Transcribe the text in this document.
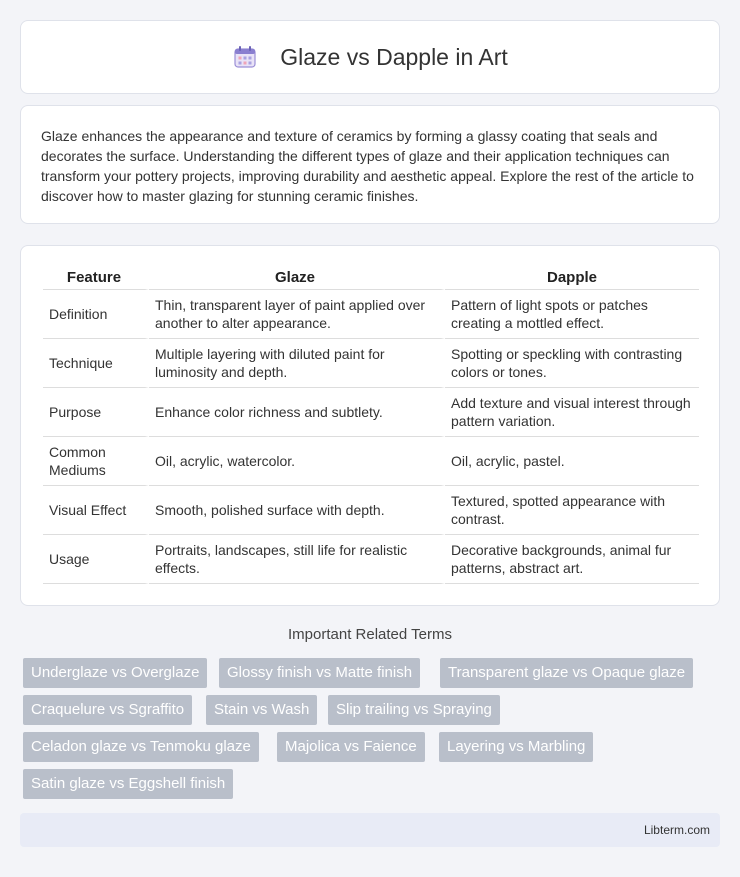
Glaze vs Dapple in Art

Glaze enhances the appearance and texture of ceramics by forming a glassy coating that seals and decorates the surface. Understanding the different types of glaze and their application techniques can transform your pottery projects, improving durability and aesthetic appeal. Explore the rest of the article to discover how to master glazing for stunning ceramic finishes.

Feature	Glaze	Dapple
Definition	Thin, transparent layer of paint applied over another to alter appearance.	Pattern of light spots or patches creating a mottled effect.
Technique	Multiple layering with diluted paint for luminosity and depth.	Spotting or speckling with contrasting colors or tones.
Purpose	Enhance color richness and subtlety.	Add texture and visual interest through pattern variation.
Common Mediums	Oil, acrylic, watercolor.	Oil, acrylic, pastel.
Visual Effect	Smooth, polished surface with depth.	Textured, spotted appearance with contrast.
Usage	Portraits, landscapes, still life for realistic effects.	Decorative backgrounds, animal fur patterns, abstract art.
Important Related Terms
Underglaze vs Overglaze	Glossy finish vs Matte finish	Transparent glaze vs Opaque glaze
Craquelure vs Sgraffito	Stain vs Wash	Slip trailing vs Spraying
Celadon glaze vs Tenmoku glaze	Majolica vs Faience	Layering vs Marbling
Satin glaze vs Eggshell finish
Libterm.com
